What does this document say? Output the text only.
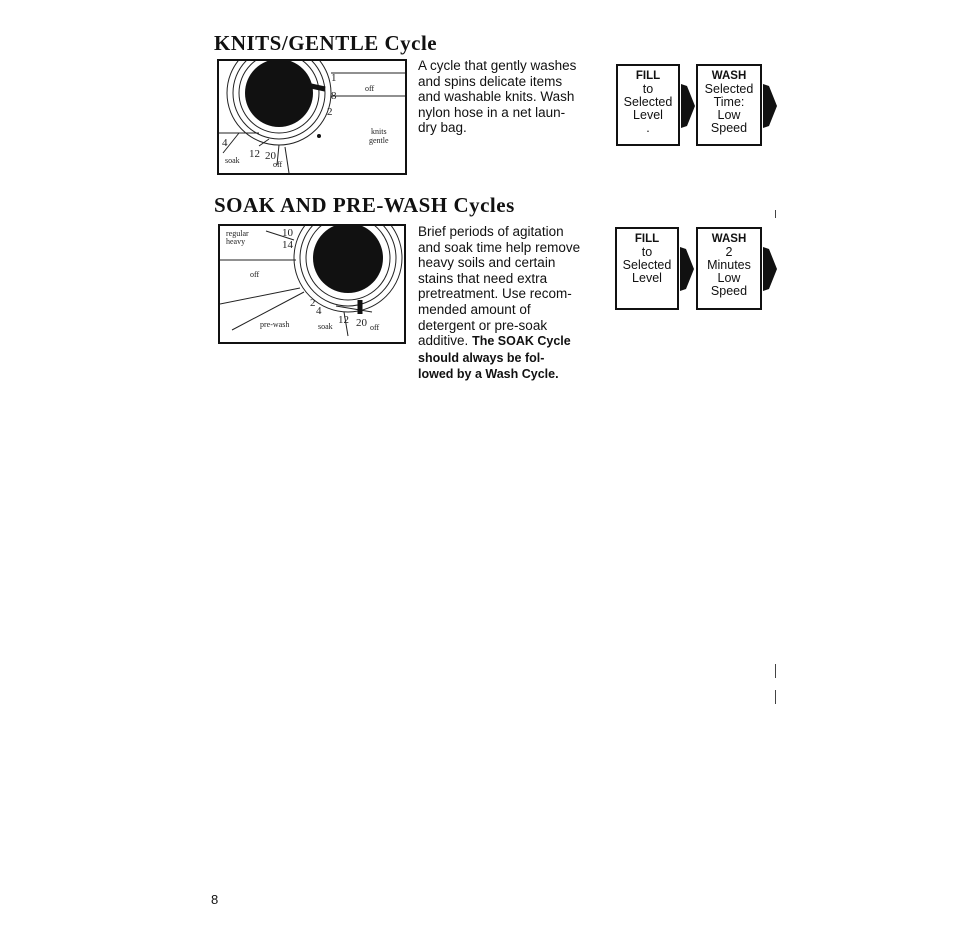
KNITS/GENTLE Cycle
off
knits
gentle
soak	off
1
8
2
4
12 20
A cycle that gently washes
and spins delicate items
and washable knits. Wash
nylon hose in a net laun-
dry bag.
FILL
to
Selected
Level
.
WASH
Selected
Time:
Low
Speed
SOAK AND PRE-WASH Cycles
regular
heavy
off
pre-wash	soak	off
10
14
2
4
12 20
Brief periods of agitation
and soak time help remove
heavy soils and certain
stains that need extra
pretreatment. Use recom-
mended amount of
detergent or pre-soak
additive. The SOAK Cycle
should always be fol-
lowed by a Wash Cycle.
FILL
to
Selected
Level
WASH
2
Minutes
Low
Speed
8
